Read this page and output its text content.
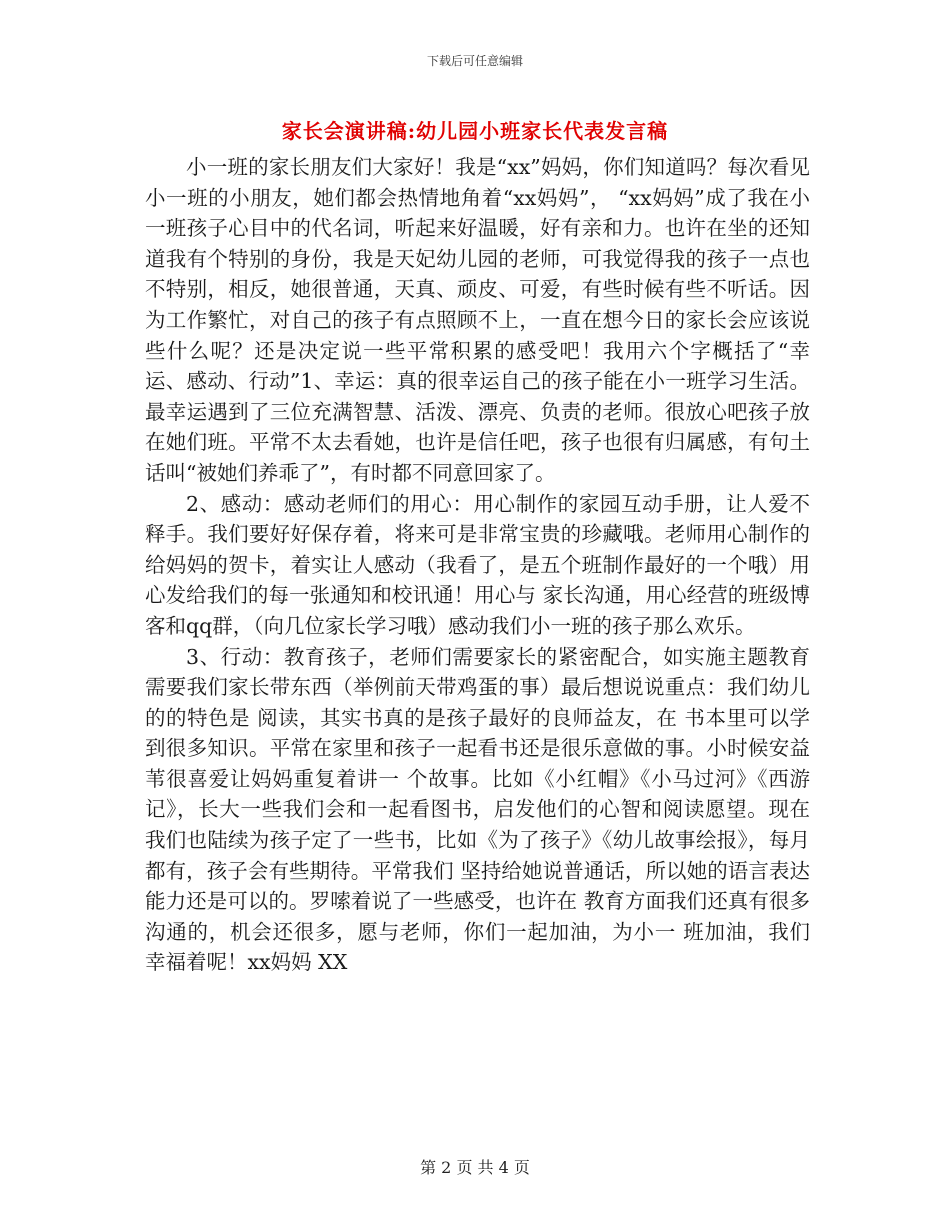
下载后可任意编辑
家长会演讲稿:幼儿园小班家长代表发言稿

小一班的家长朋友们大家好！我是“xx”妈妈，你们知道吗？每次看见小一班的小朋友，她们都会热情地角着“xx妈妈”， “xx妈妈”成了我在小一班孩子心目中的代名词，听起来好温暖，好有亲和力。也许在坐的还知道我有个特别的身份，我是天妃幼儿园的老师，可我觉得我的孩子一点也不特别，相反，她很普通，天真、顽皮、可爱，有些时候有些不听话。因为工作繁忙，对自己的孩子有点照顾不上，一直在想今日的家长会应该说些什么呢？还是决定说一些平常积累的感受吧！我用六个字概括了“幸运、感动、行动”1、幸运：真的很幸运自己的孩子能在小一班学习生活。最幸运遇到了三位充满智慧、活泼、漂亮、负责的老师。很放心吧孩子放在她们班。平常不太去看她，也许是信任吧，孩子也很有归属感，有句土话叫“被她们养乖了”，有时都不同意回家了。

2、感动：感动老师们的用心：用心制作的家园互动手册，让人爱不释手。我们要好好保存着，将来可是非常宝贵的珍藏哦。老师用心制作的给妈妈的贺卡，着实让人感动（我看了，是五个班制作最好的一个哦）用心发给我们的每一张通知和校讯通！用心与 家长沟通，用心经营的班级博客和qq群，（向几位家长学习哦）感动我们小一班的孩子那么欢乐。

3、行动：教育孩子，老师们需要家长的紧密配合，如实施主题教育需要我们家长带东西（举例前天带鸡蛋的事）最后想说说重点：我们幼儿的的特色是 阅读，其实书真的是孩子最好的良师益友，在 书本里可以学到很多知识。平常在家里和孩子一起看书还是很乐意做的事。小时候安益苇很喜爱让妈妈重复着讲一 个故事。比如《小红帽》《小马过河》《西游记》，长大一些我们会和一起看图书，启发他们的心智和阅读愿望。现在我们也陆续为孩子定了一些书，比如《为了孩子》《幼儿故事绘报》，每月都有，孩子会有些期待。平常我们 坚持给她说普通话，所以她的语言表达能力还是可以的。罗嗦着说了一些感受，也许在 教育方面我们还真有很多沟通的，机会还很多，愿与老师，你们一起加油，为小一 班加油，我们 幸福着呢！xx妈妈 XX

第 2 页 共 4 页
